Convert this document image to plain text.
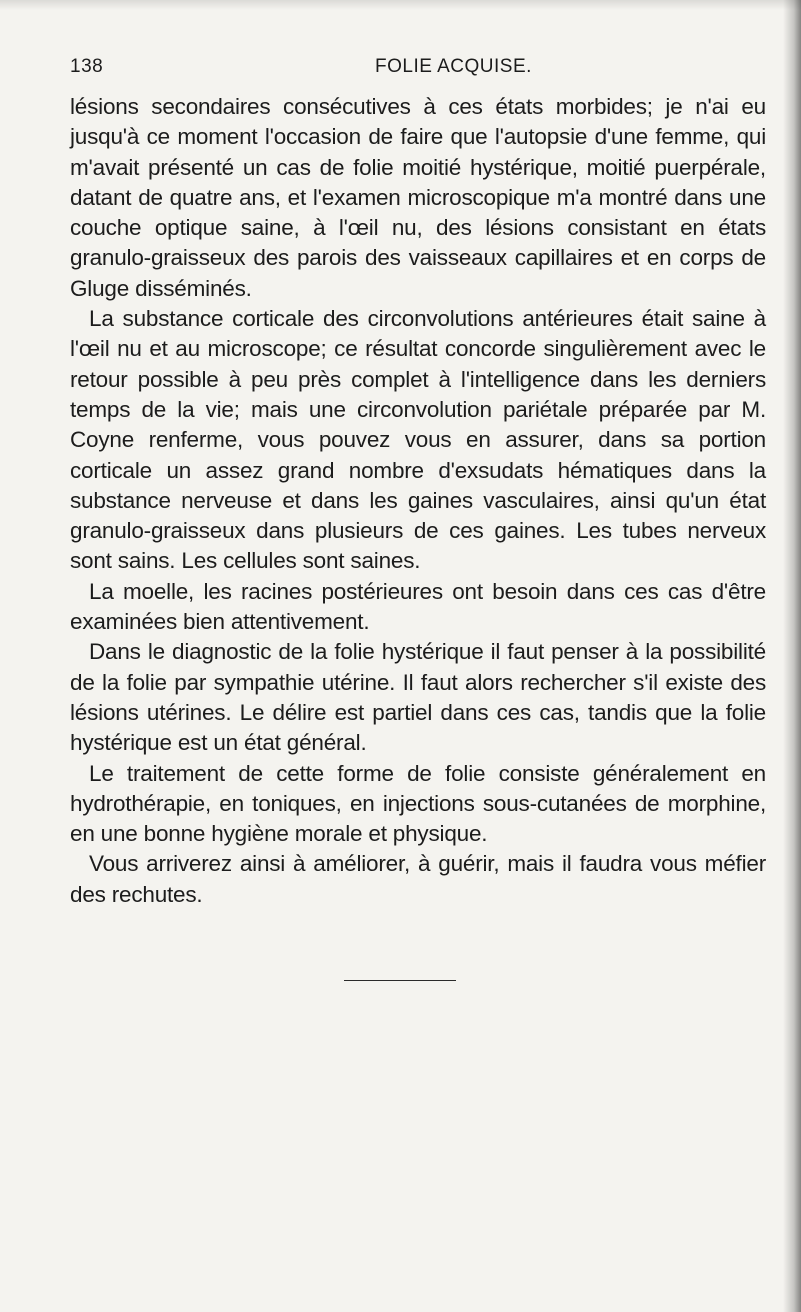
138	FOLIE ACQUISE.

lésions secondaires consécutives à ces états morbides; je n'ai eu jusqu'à ce moment l'occasion de faire que l'autopsie d'une femme, qui m'avait présenté un cas de folie moitié hystérique, moitié puerpérale, datant de quatre ans, et l'examen microscopique m'a montré dans une couche optique saine, à l'œil nu, des lésions consistant en états granulo-graisseux des parois des vaisseaux capillaires et en corps de Gluge disséminés.

La substance corticale des circonvolutions antérieures était saine à l'œil nu et au microscope; ce résultat concorde singulièrement avec le retour possible à peu près complet à l'intelligence dans les derniers temps de la vie; mais une circonvolution pariétale préparée par M. Coyne renferme, vous pouvez vous en assurer, dans sa portion corticale un assez grand nombre d'exsudats hématiques dans la substance nerveuse et dans les gaines vasculaires, ainsi qu'un état granulo-graisseux dans plusieurs de ces gaines. Les tubes nerveux sont sains. Les cellules sont saines.

La moelle, les racines postérieures ont besoin dans ces cas d'être examinées bien attentivement.

Dans le diagnostic de la folie hystérique il faut penser à la possibilité de la folie par sympathie utérine. Il faut alors rechercher s'il existe des lésions utérines. Le délire est partiel dans ces cas, tandis que la folie hystérique est un état général.

Le traitement de cette forme de folie consiste généralement en hydrothérapie, en toniques, en injections sous-cutanées de morphine, en une bonne hygiène morale et physique.

Vous arriverez ainsi à améliorer, à guérir, mais il faudra vous méfier des rechutes.
